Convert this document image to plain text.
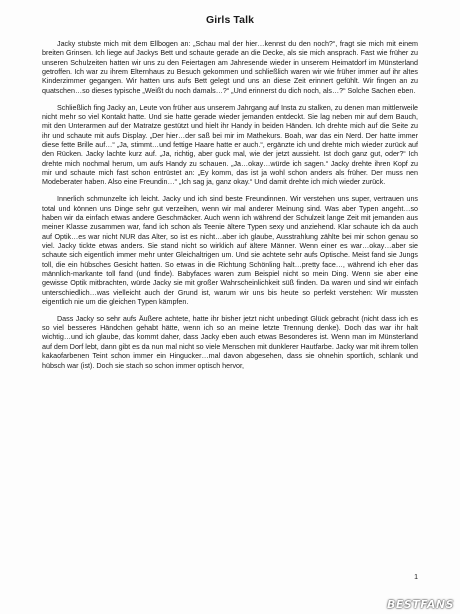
Girls Talk

Jacky stubste mich mit dem Ellbogen an: „Schau mal der hier…kennst du den noch?“, fragt sie mich mit einem breiten Grinsen. Ich liege auf Jackys Bett und schaute gerade an die Decke, als sie mich ansprach. Fast wie früher zu unseren Schulzeiten hatten wir uns zu den Feiertagen am Jahresende wieder in unserem Heimatdorf im Münsterland getroffen. Ich war zu ihrem Elternhaus zu Besuch gekommen und schließlich waren wir wie früher immer auf ihr altes Kinderzimmer gegangen. Wir hatten uns aufs Bett gelegt und uns an diese Zeit erinnert gefühlt. Wir fingen an zu quatschen…so dieses typische „Weißt du noch damals…?“ „Und erinnerst du dich noch, als…?“ Solche Sachen eben.

Schließlich fing Jacky an, Leute von früher aus unserem Jahrgang auf Insta zu stalken, zu denen man mittlerweile nicht mehr so viel Kontakt hatte. Und sie hatte gerade wieder jemanden entdeckt. Sie lag neben mir auf dem Bauch, mit den Unterarmen auf der Matratze gestützt und hielt ihr Handy in beiden Händen. Ich drehte mich auf die Seite zu ihr und schaute mit aufs Display. „Der hier…der saß bei mir im Mathekurs. Boah, war das ein Nerd. Der hatte immer diese fette Brille auf…“ „Ja, stimmt…und fettige Haare hatte er auch.“, ergänzte ich und drehte mich wieder zurück auf den Rücken. Jacky lachte kurz auf. „Ja, richtig, aber guck mal, wie der jetzt aussieht. Ist doch ganz gut, oder?“ Ich drehte mich nochmal herum, um aufs Handy zu schauen. „Ja…okay…würde ich sagen.“ Jacky drehte ihren Kopf zu mir und schaute mich fast schon entrüstet an: „Ey komm, das ist ja wohl schon anders als früher. Der muss nen Modeberater haben. Also eine Freundin…“ „Ich sag ja, ganz okay.“ Und damit drehte ich mich wieder zurück.

Innerlich schmunzelte ich leicht. Jacky und ich sind beste Freundinnen. Wir verstehen uns super, vertrauen uns total und können uns Dinge sehr gut verzeihen, wenn wir mal anderer Meinung sind. Was aber Typen angeht…so haben wir da einfach etwas andere Geschmäcker. Auch wenn ich während der Schulzeit lange Zeit mit jemanden aus meiner Klasse zusammen war, fand ich schon als Teenie ältere Typen sexy und anziehend. Klar schaute ich da auch auf Optik…es war nicht NUR das Alter, so ist es nicht…aber ich glaube, Ausstrahlung zählte bei mir schon genau so viel. Jacky tickte etwas anders. Sie stand nicht so wirklich auf ältere Männer. Wenn einer es war…okay…aber sie schaute sich eigentlich immer mehr unter Gleichaltrigen um. Und sie achtete sehr aufs Optische. Meist fand sie Jungs toll, die ein hübsches Gesicht hatten. So etwas in die Richtung Schönling halt…pretty face…, während ich eher das männlich-markante toll fand (und finde). Babyfaces waren zum Beispiel nicht so mein Ding. Wenn sie aber eine gewisse Optik mitbrachten, würde Jacky sie mit großer Wahrscheinlichkeit süß finden. Da waren und sind wir einfach unterschiedlich…was vielleicht auch der Grund ist, warum wir uns bis heute so perfekt verstehen: Wir mussten eigentlich nie um die gleichen Typen kämpfen.

Dass Jacky so sehr aufs Äußere achtete, hatte ihr bisher jetzt nicht unbedingt Glück gebracht (nicht dass ich es so viel besseres Händchen gehabt hätte, wenn ich so an meine letzte Trennung denke). Doch das war ihr halt wichtig…und ich glaube, das kommt daher, dass Jacky eben auch etwas Besonderes ist. Wenn man im Münsterland auf dem Dorf lebt, dann gibt es da nun mal nicht so viele Menschen mit dunklerer Hautfarbe. Jacky war mit ihrem tollen kakaofarbenen Teint schon immer ein Hingucker…mal davon abgesehen, dass sie ohnehin sportlich, schlank und hübsch war (ist). Doch sie stach so schon immer optisch hervor,

1
BESTFANS
